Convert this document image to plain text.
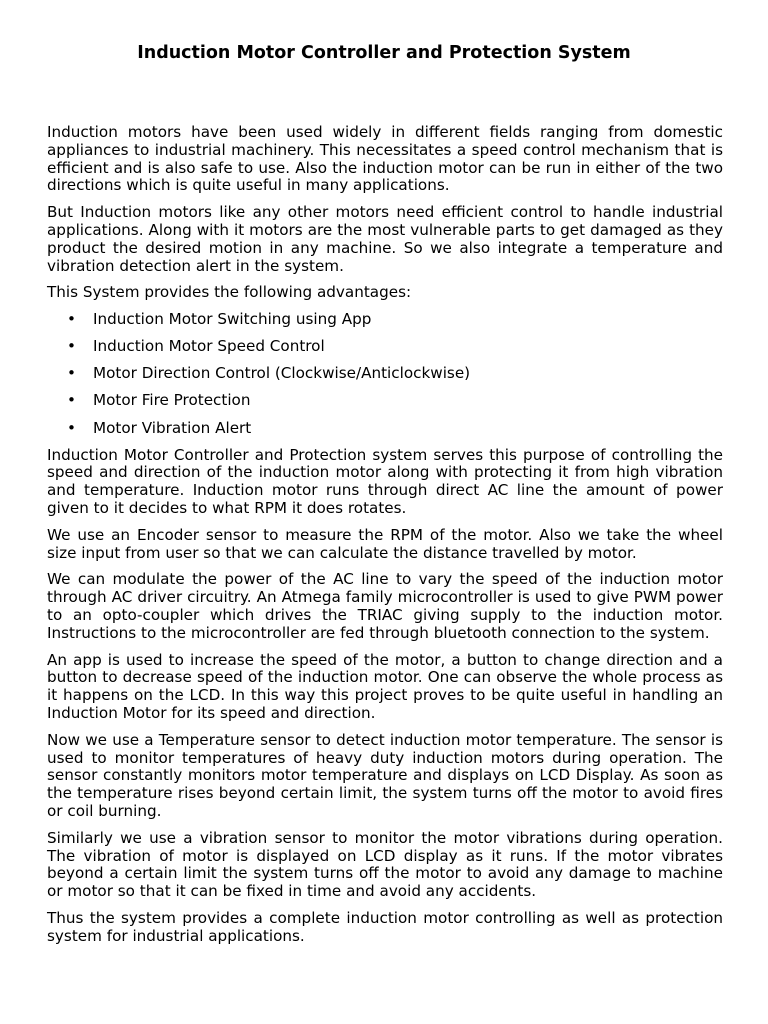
Induction Motor Controller and Protection System

Induction motors have been used widely in different fields ranging from domestic appliances to industrial machinery. This necessitates a speed control mechanism that is efficient and is also safe to use. Also the induction motor can be run in either of the two directions which is quite useful in many applications.

But Induction motors like any other motors need efficient control to handle industrial applications. Along with it motors are the most vulnerable parts to get damaged as they product the desired motion in any machine. So we also integrate a temperature and vibration detection alert in the system.

This System provides the following advantages:

• Induction Motor Switching using App
• Induction Motor Speed Control
• Motor Direction Control (Clockwise/Anticlockwise)
• Motor Fire Protection
• Motor Vibration Alert

Induction Motor Controller and Protection system serves this purpose of controlling the speed and direction of the induction motor along with protecting it from high vibration and temperature. Induction motor runs through direct AC line the amount of power given to it decides to what RPM it does rotates.

We use an Encoder sensor to measure the RPM of the motor. Also we take the wheel size input from user so that we can calculate the distance travelled by motor.

We can modulate the power of the AC line to vary the speed of the induction motor through AC driver circuitry. An Atmega family microcontroller is used to give PWM power to an opto-coupler which drives the TRIAC giving supply to the induction motor. Instructions to the microcontroller are fed through bluetooth connection to the system.

An app is used to increase the speed of the motor, a button to change direction and a button to decrease speed of the induction motor. One can observe the whole process as it happens on the LCD. In this way this project proves to be quite useful in handling an Induction Motor for its speed and direction.

Now we use a Temperature sensor to detect induction motor temperature. The sensor is used to monitor temperatures of heavy duty induction motors during operation. The sensor constantly monitors motor temperature and displays on LCD Display. As soon as the temperature rises beyond certain limit, the system turns off the motor to avoid fires or coil burning.

Similarly we use a vibration sensor to monitor the motor vibrations during operation. The vibration of motor is displayed on LCD display as it runs. If the motor vibrates beyond a certain limit the system turns off the motor to avoid any damage to machine or motor so that it can be fixed in time and avoid any accidents.

Thus the system provides a complete induction motor controlling as well as protection system for industrial applications.
